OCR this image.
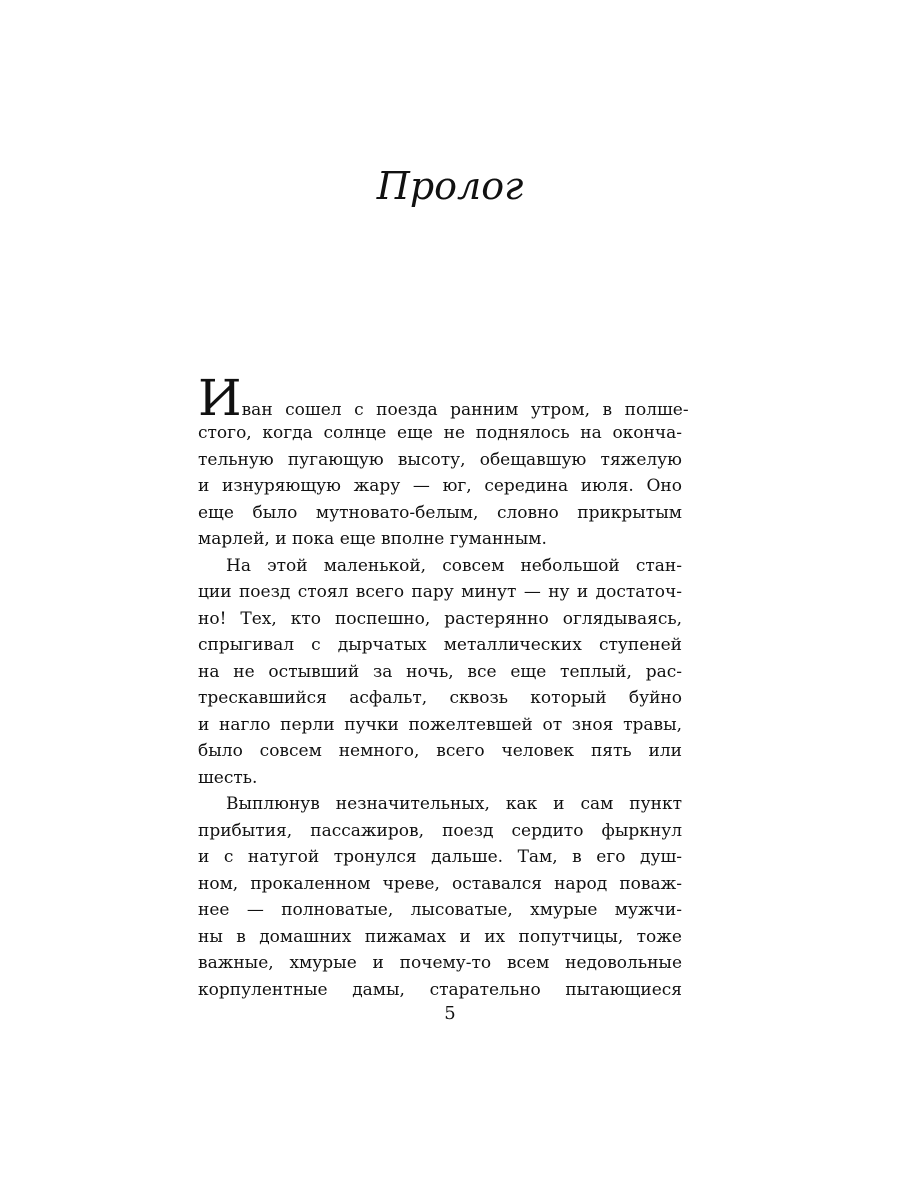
Пролог
Иван сошел с поезда ранним утром, в полше-
стого, когда солнце еще не поднялось на оконча-
тельную пугающую высоту, обещавшую тяжелую
и изнуряющую жару — юг, середина июля. Оно
еще было мутновато-белым, словно прикрытым
марлей, и пока еще вполне гуманным.
На этой маленькой, совсем небольшой стан-
ции поезд стоял всего пару минут — ну и достаточ-
но! Тех, кто поспешно, растерянно оглядываясь,
спрыгивал с дырчатых металлических ступеней
на не остывший за ночь, все еще теплый, рас-
трескавшийся асфальт, сквозь который буйно
и нагло перли пучки пожелтевшей от зноя травы,
было совсем немного, всего человек пять или
шесть.
Выплюнув незначительных, как и сам пункт
прибытия, пассажиров, поезд сердито фыркнул
и с натугой тронулся дальше. Там, в его душ-
ном, прокаленном чреве, оставался народ поваж-
нее — полноватые, лысоватые, хмурые мужчи-
ны в домашних пижамах и их попутчицы, тоже
важные, хмурые и почему-то всем недовольные
корпулентные дамы, старательно пытающиеся
5
